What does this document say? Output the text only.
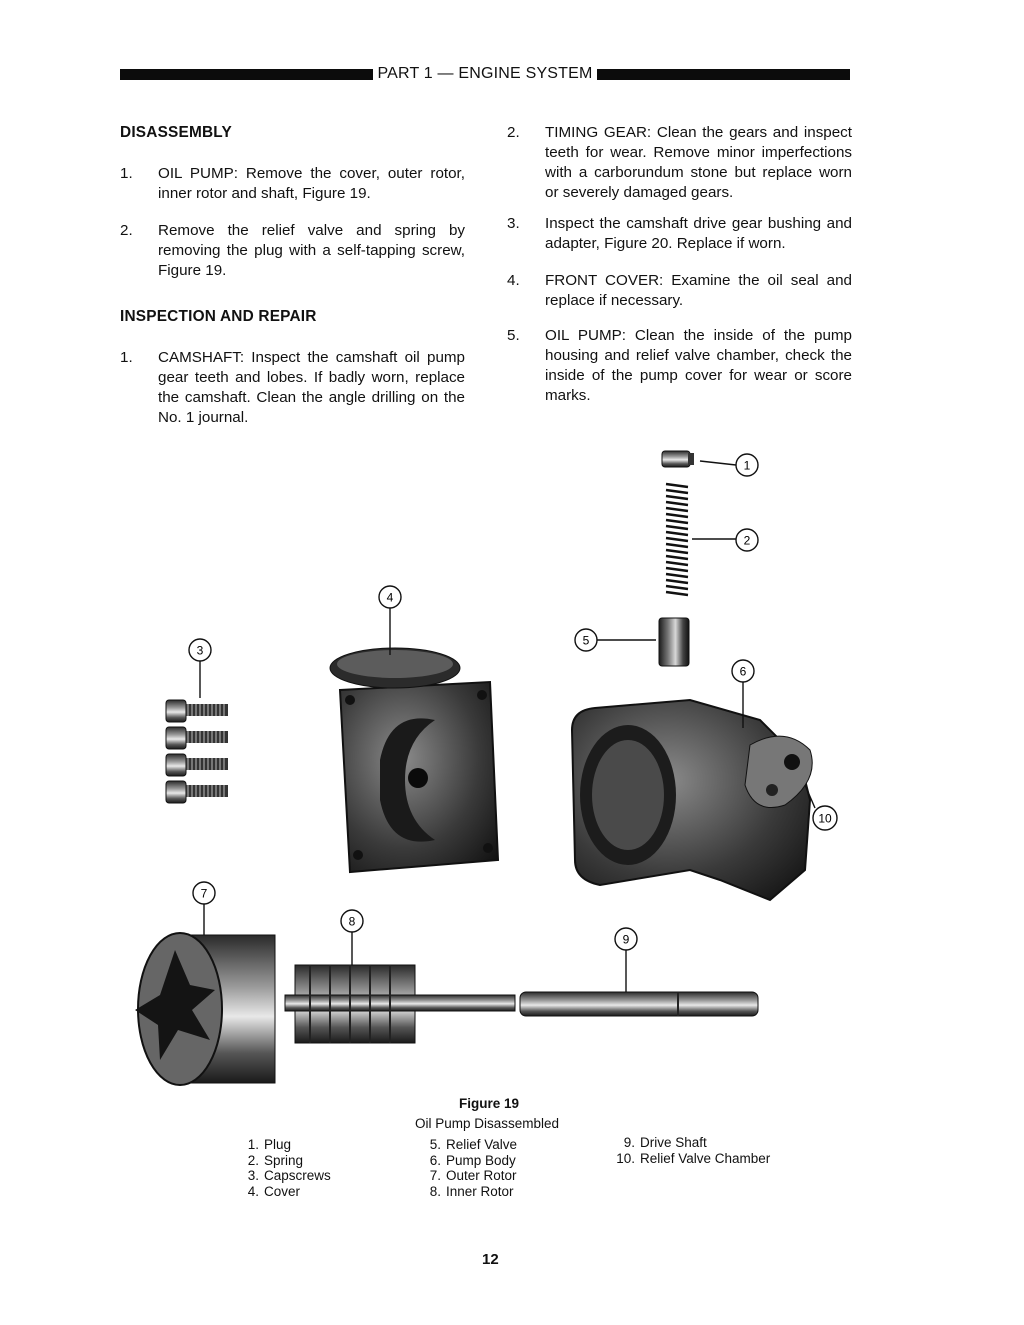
PART 1 — ENGINE SYSTEM
DISASSEMBLY
1.	OIL PUMP: Remove the cover, outer rotor, inner rotor and shaft, Figure 19.
2.	Remove the relief valve and spring by removing the plug with a self-tapping screw, Figure 19.
INSPECTION AND REPAIR
1.	CAMSHAFT: Inspect the camshaft oil pump gear teeth and lobes. If badly worn, replace the camshaft. Clean the angle drilling on the No. 1 journal.
2.	TIMING GEAR: Clean the gears and inspect teeth for wear. Remove minor imperfections with a carborundum stone but replace worn or severely damaged gears.
3.	Inspect the camshaft drive gear bushing and adapter, Figure 20. Replace if worn.
4.	FRONT COVER: Examine the oil seal and replace if necessary.
5.	OIL PUMP: Clean the inside of the pump housing and relief valve chamber, check the inside of the pump cover for wear or score marks.
1
2
3
4
5
6
7
8
9
10
Figure 19
Oil Pump Disassembled
1. Plug
2. Spring
3. Capscrews
4. Cover
5. Relief Valve
6. Pump Body
7. Outer Rotor
8. Inner Rotor
9. Drive Shaft
10. Relief Valve Chamber
12
